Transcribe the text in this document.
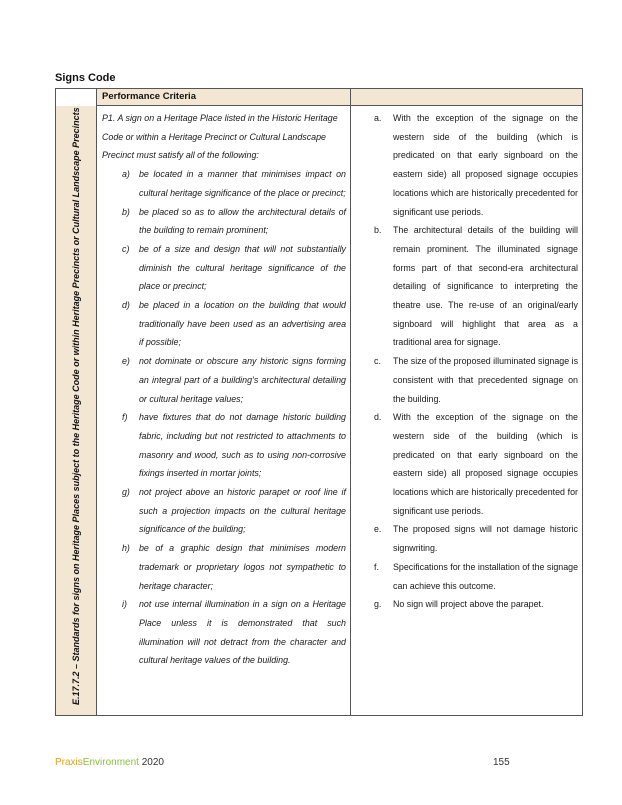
Signs Code
E.17.7.2 – Standards for signs on Heritage Places subject to the Heritage Code or within Heritage Precincts or Cultural Landscape Precincts
Performance Criteria

P1. A sign on a Heritage Place listed in the Historic Heritage Code or within a Heritage Precinct or Cultural Landscape Precinct must satisfy all of the following:

a) be located in a manner that minimises impact on cultural heritage significance of the place or precinct;
b) be placed so as to allow the architectural details of the building to remain prominent;
c) be of a size and design that will not substantially diminish the cultural heritage significance of the place or precinct;
d) be placed in a location on the building that would traditionally have been used as an advertising area if possible;
e) not dominate or obscure any historic signs forming an integral part of a building’s architectural detailing or cultural heritage values;
f) have fixtures that do not damage historic building fabric, including but not restricted to attachments to masonry and wood, such as to using non-corrosive fixings inserted in mortar joints;
g) not project above an historic parapet or roof line if such a projection impacts on the cultural heritage significance of the building;
h) be of a graphic design that minimises modern trademark or proprietary logos not sympathetic to heritage character;
i) not use internal illumination in a sign on a Heritage Place unless it is demonstrated that such illumination will not detract from the character and cultural heritage values of the building.
a. With the exception of the signage on the western side of the building (which is predicated on that early signboard on the eastern side) all proposed signage occupies locations which are historically precedented for significant use periods.
b. The architectural details of the building will remain prominent. The illuminated signage forms part of that second-era architectural detailing of significance to interpreting the theatre use. The re-use of an original/early signboard will highlight that area as a traditional area for signage.
c. The size of the proposed illuminated signage is consistent with that precedented signage on the building.
d. With the exception of the signage on the western side of the building (which is predicated on that early signboard on the eastern side) all proposed signage occupies locations which are historically precedented for significant use periods.
e. The proposed signs will not damage historic signwriting.
f. Specifications for the installation of the signage can achieve this outcome.
g. No sign will project above the parapet.
PraxisEnvironment 2020	155
